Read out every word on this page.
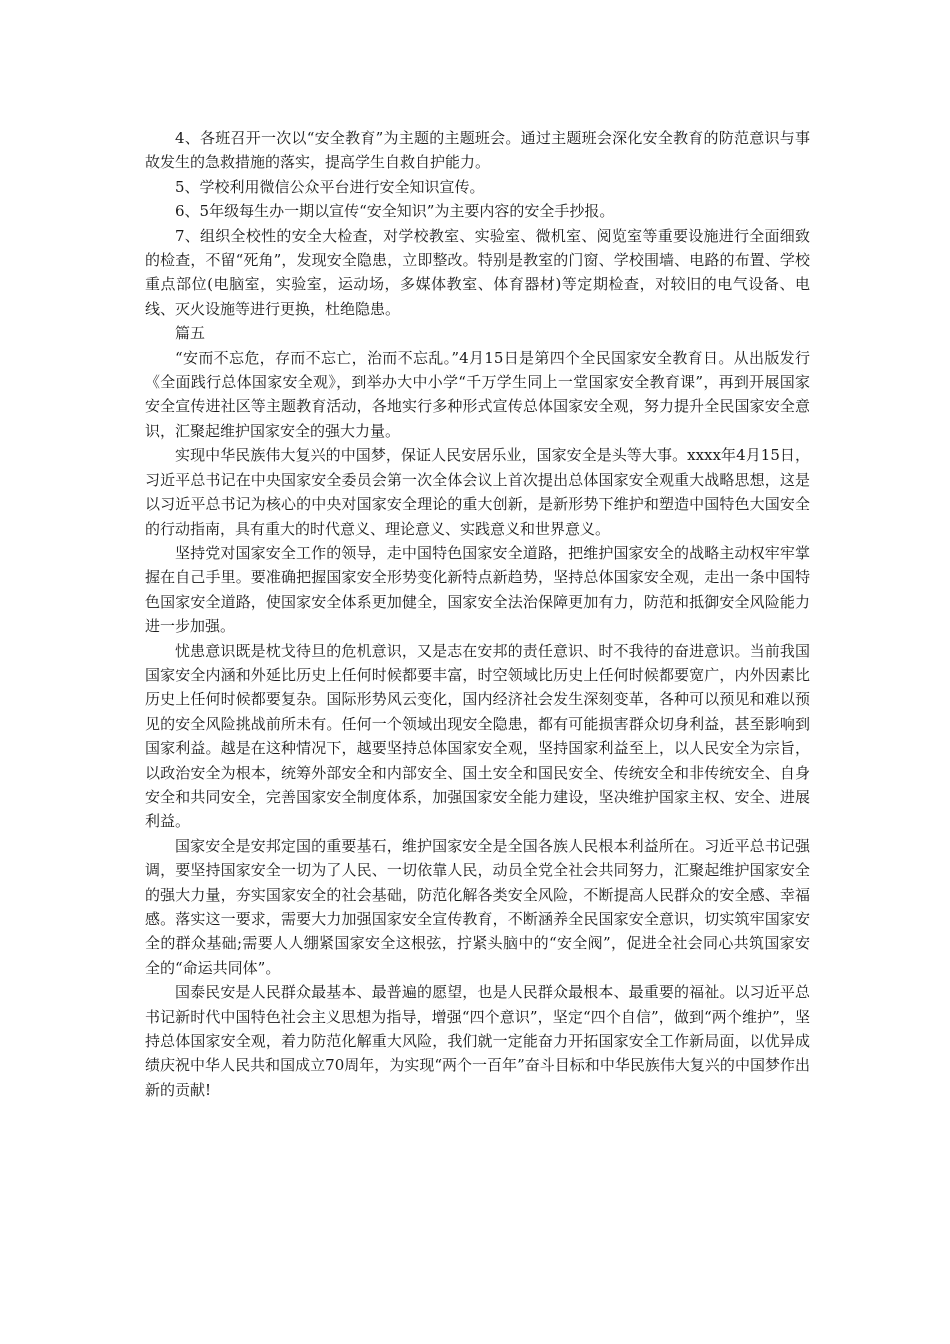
4、各班召开一次以“安全教育”为主题的主题班会。通过主题班会深化安全教育的防范意识与事故发生的急救措施的落实，提高学生自救自护能力。

5、学校利用微信公众平台进行安全知识宣传。

6、5年级每生办一期以宣传“安全知识”为主要内容的安全手抄报。

7、组织全校性的安全大检查，对学校教室、实验室、微机室、阅览室等重要设施进行全面细致的检查，不留“死角”，发现安全隐患，立即整改。特别是教室的门窗、学校围墙、电路的布置、学校重点部位(电脑室，实验室，运动场，多媒体教室、体育器材)等定期检查，对较旧的电气设备、电线、灭火设施等进行更换，杜绝隐患。

篇五

“安而不忘危，存而不忘亡，治而不忘乱。”4月15日是第四个全民国家安全教育日。从出版发行《全面践行总体国家安全观》，到举办大中小学“千万学生同上一堂国家安全教育课”，再到开展国家安全宣传进社区等主题教育活动，各地实行多种形式宣传总体国家安全观，努力提升全民国家安全意识，汇聚起维护国家安全的强大力量。

实现中华民族伟大复兴的中国梦，保证人民安居乐业，国家安全是头等大事。xxxx年4月15日，习近平总书记在中央国家安全委员会第一次全体会议上首次提出总体国家安全观重大战略思想，这是以习近平总书记为核心的中央对国家安全理论的重大创新，是新形势下维护和塑造中国特色大国安全的行动指南，具有重大的时代意义、理论意义、实践意义和世界意义。

坚持党对国家安全工作的领导，走中国特色国家安全道路，把维护国家安全的战略主动权牢牢掌握在自己手里。要准确把握国家安全形势变化新特点新趋势，坚持总体国家安全观，走出一条中国特色国家安全道路，使国家安全体系更加健全，国家安全法治保障更加有力，防范和抵御安全风险能力进一步加强。

忧患意识既是枕戈待旦的危机意识，又是志在安邦的责任意识、时不我待的奋进意识。当前我国国家安全内涵和外延比历史上任何时候都要丰富，时空领域比历史上任何时候都要宽广，内外因素比历史上任何时候都要复杂。国际形势风云变化，国内经济社会发生深刻变革，各种可以预见和难以预见的安全风险挑战前所未有。任何一个领域出现安全隐患，都有可能损害群众切身利益，甚至影响到国家利益。越是在这种情况下，越要坚持总体国家安全观，坚持国家利益至上，以人民安全为宗旨，以政治安全为根本，统筹外部安全和内部安全、国土安全和国民安全、传统安全和非传统安全、自身安全和共同安全，完善国家安全制度体系，加强国家安全能力建设，坚决维护国家主权、安全、进展利益。

国家安全是安邦定国的重要基石，维护国家安全是全国各族人民根本利益所在。习近平总书记强调，要坚持国家安全一切为了人民、一切依靠人民，动员全党全社会共同努力，汇聚起维护国家安全的强大力量，夯实国家安全的社会基础，防范化解各类安全风险，不断提高人民群众的安全感、幸福感。落实这一要求，需要大力加强国家安全宣传教育，不断涵养全民国家安全意识，切实筑牢国家安全的群众基础;需要人人绷紧国家安全这根弦，拧紧头脑中的“安全阀”，促进全社会同心共筑国家安全的“命运共同体”。

国泰民安是人民群众最基本、最普遍的愿望，也是人民群众最根本、最重要的福祉。以习近平总书记新时代中国特色社会主义思想为指导，增强“四个意识”，坚定“四个自信”，做到“两个维护”，坚持总体国家安全观，着力防范化解重大风险，我们就一定能奋力开拓国家安全工作新局面，以优异成绩庆祝中华人民共和国成立70周年，为实现“两个一百年”奋斗目标和中华民族伟大复兴的中国梦作出新的贡献!
